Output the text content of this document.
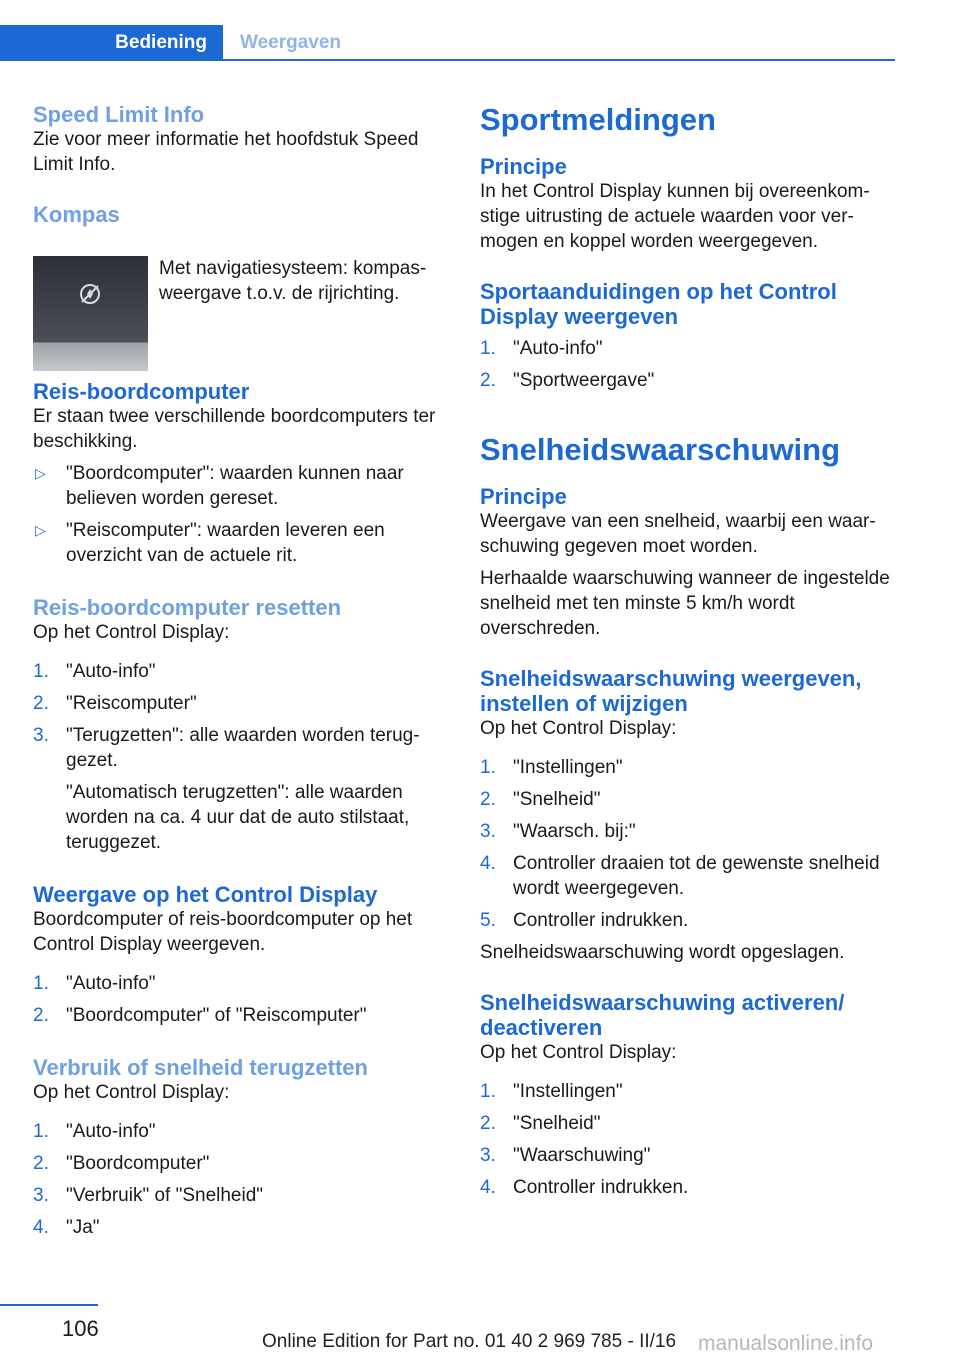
Bediening	Weergaven
Speed Limit Info

Zie voor meer informatie het hoofdstuk Speed Limit Info.

Kompas

Met navigatiesysteem: kompasweergave t.o.v. de rijrichting.

Reis-boordcomputer

Er staan twee verschillende boordcomputers ter beschikking.

▷ "Boordcomputer": waarden kunnen naar believen worden gereset.
▷ "Reiscomputer": waarden leveren een overzicht van de actuele rit.
Reis-boordcomputer resetten

Op het Control Display:

1. "Auto-info"
2. "Reiscomputer"
3. "Terugzetten": alle waarden worden teruggezet.
"Automatisch terugzetten": alle waarden worden na ca. 4 uur dat de auto stilstaat, teruggezet.
Weergave op het Control Display

Boordcomputer of reis-boordcomputer op het Control Display weergeven.

1. "Auto-info"
2. "Boordcomputer" of "Reiscomputer"
Verbruik of snelheid terugzetten

Op het Control Display:

1. "Auto-info"
2. "Boordcomputer"
3. "Verbruik" of "Snelheid"
4. "Ja"
Sportmeldingen
Principe

In het Control Display kunnen bij overeenkomstige uitrusting de actuele waarden voor vermogen en koppel worden weergegeven.

Sportaanduidingen op het Control Display weergeven
1. "Auto-info"
2. "Sportweergave"
Snelheidswaarschuwing
Principe

Weergave van een snelheid, waarbij een waarschuwing gegeven moet worden.

Herhaalde waarschuwing wanneer de ingestelde snelheid met ten minste 5 km/h wordt overschreden.

Snelheidswaarschuwing weergeven, instellen of wijzigen

Op het Control Display:

1. "Instellingen"
2. "Snelheid"
3. "Waarsch. bij:"
4. Controller draaien tot de gewenste snelheid wordt weergegeven.
5. Controller indrukken.

Snelheidswaarschuwing wordt opgeslagen.

Snelheidswaarschuwing activeren/ deactiveren

Op het Control Display:

1. "Instellingen"
2. "Snelheid"
3. "Waarschuwing"
4. Controller indrukken.
106
Online Edition for Part no. 01 40 2 969 785 - II/16 manualsonline.info
